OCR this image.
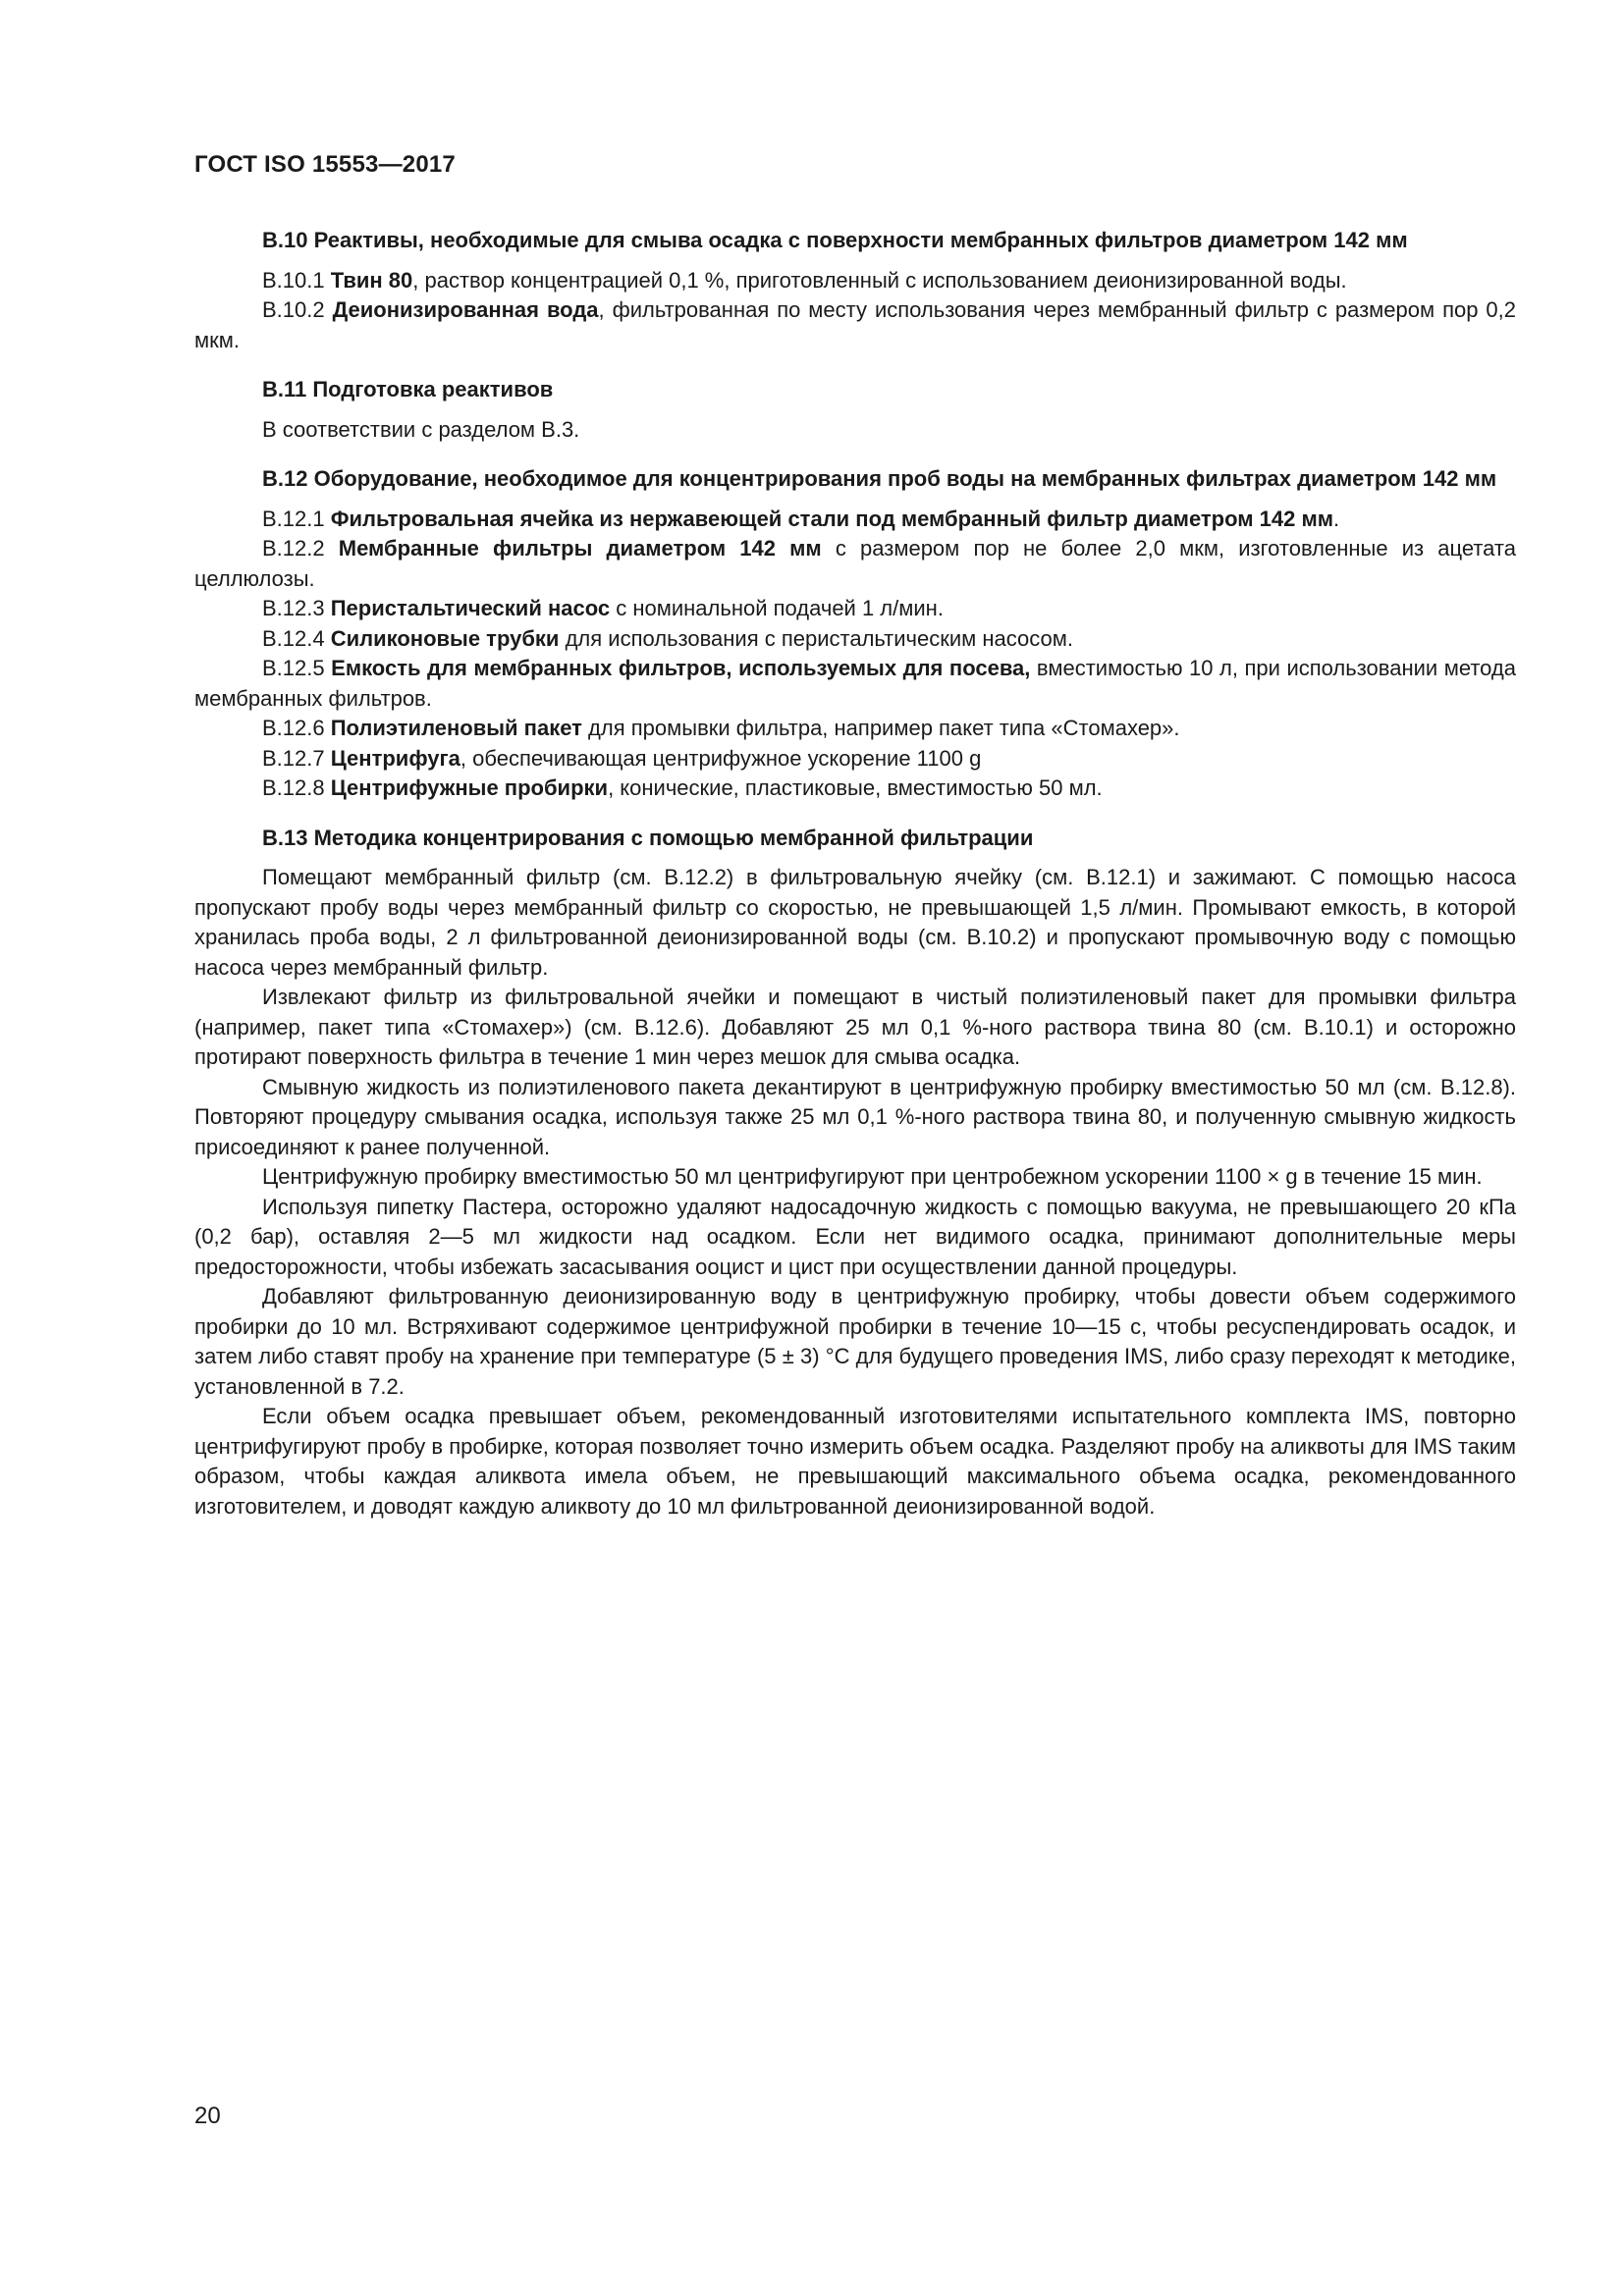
ГОСТ ISO 15553—2017
В.10 Реактивы, необходимые для смыва осадка с поверхности мембранных фильтров диаметром 142 мм

В.10.1 Твин 80, раствор концентрацией 0,1 %, приготовленный с использованием деионизированной воды.

В.10.2 Деионизированная вода, фильтрованная по месту использования через мембранный фильтр с размером пор 0,2 мкм.

В.11 Подготовка реактивов

В соответствии с разделом В.3.

В.12 Оборудование, необходимое для концентрирования проб воды на мембранных фильтрах диаметром 142 мм

В.12.1 Фильтровальная ячейка из нержавеющей стали под мембранный фильтр диаметром 142 мм.

В.12.2 Мембранные фильтры диаметром 142 мм с размером пор не более 2,0 мкм, изготовленные из ацетата целлюлозы.

В.12.3 Перистальтический насос с номинальной подачей 1 л/мин.

В.12.4 Силиконовые трубки для использования с перистальтическим насосом.

В.12.5 Емкость для мембранных фильтров, используемых для посева, вместимостью 10 л, при использовании метода мембранных фильтров.

В.12.6 Полиэтиленовый пакет для промывки фильтра, например пакет типа «Стомахер».

В.12.7 Центрифуга, обеспечивающая центрифужное ускорение 1100 g

В.12.8 Центрифужные пробирки, конические, пластиковые, вместимостью 50 мл.

В.13 Методика концентрирования с помощью мембранной фильтрации

Помещают мембранный фильтр (см. В.12.2) в фильтровальную ячейку (см. В.12.1) и зажимают. С помощью насоса пропускают пробу воды через мембранный фильтр со скоростью, не превышающей 1,5 л/мин. Промывают емкость, в которой хранилась проба воды, 2 л фильтрованной деионизированной воды (см. В.10.2) и пропускают промывочную воду с помощью насоса через мембранный фильтр.

Извлекают фильтр из фильтровальной ячейки и помещают в чистый полиэтиленовый пакет для промывки фильтра (например, пакет типа «Стомахер») (см. В.12.6). Добавляют 25 мл 0,1 %-ного раствора твина 80 (см. В.10.1) и осторожно протирают поверхность фильтра в течение 1 мин через мешок для смыва осадка.

Смывную жидкость из полиэтиленового пакета декантируют в центрифужную пробирку вместимостью 50 мл (см. В.12.8). Повторяют процедуру смывания осадка, используя также 25 мл 0,1 %-ного раствора твина 80, и полученную смывную жидкость присоединяют к ранее полученной.

Центрифужную пробирку вместимостью 50 мл центрифугируют при центробежном ускорении 1100 × g в течение 15 мин.

Используя пипетку Пастера, осторожно удаляют надосадочную жидкость с помощью вакуума, не превышающего 20 кПа (0,2 бар), оставляя 2—5 мл жидкости над осадком. Если нет видимого осадка, принимают дополнительные меры предосторожности, чтобы избежать засасывания ооцист и цист при осуществлении данной процедуры.

Добавляют фильтрованную деионизированную воду в центрифужную пробирку, чтобы довести объем содержимого пробирки до 10 мл. Встряхивают содержимое центрифужной пробирки в течение 10—15 с, чтобы ресуспендировать осадок, и затем либо ставят пробу на хранение при температуре (5 ± 3) °С для будущего проведения IMS, либо сразу переходят к методике, установленной в 7.2.

Если объем осадка превышает объем, рекомендованный изготовителями испытательного комплекта IMS, повторно центрифугируют пробу в пробирке, которая позволяет точно измерить объем осадка. Разделяют пробу на аликвоты для IMS таким образом, чтобы каждая аликвота имела объем, не превышающий максимального объема осадка, рекомендованного изготовителем, и доводят каждую аликвоту до 10 мл фильтрованной деионизированной водой.

20
